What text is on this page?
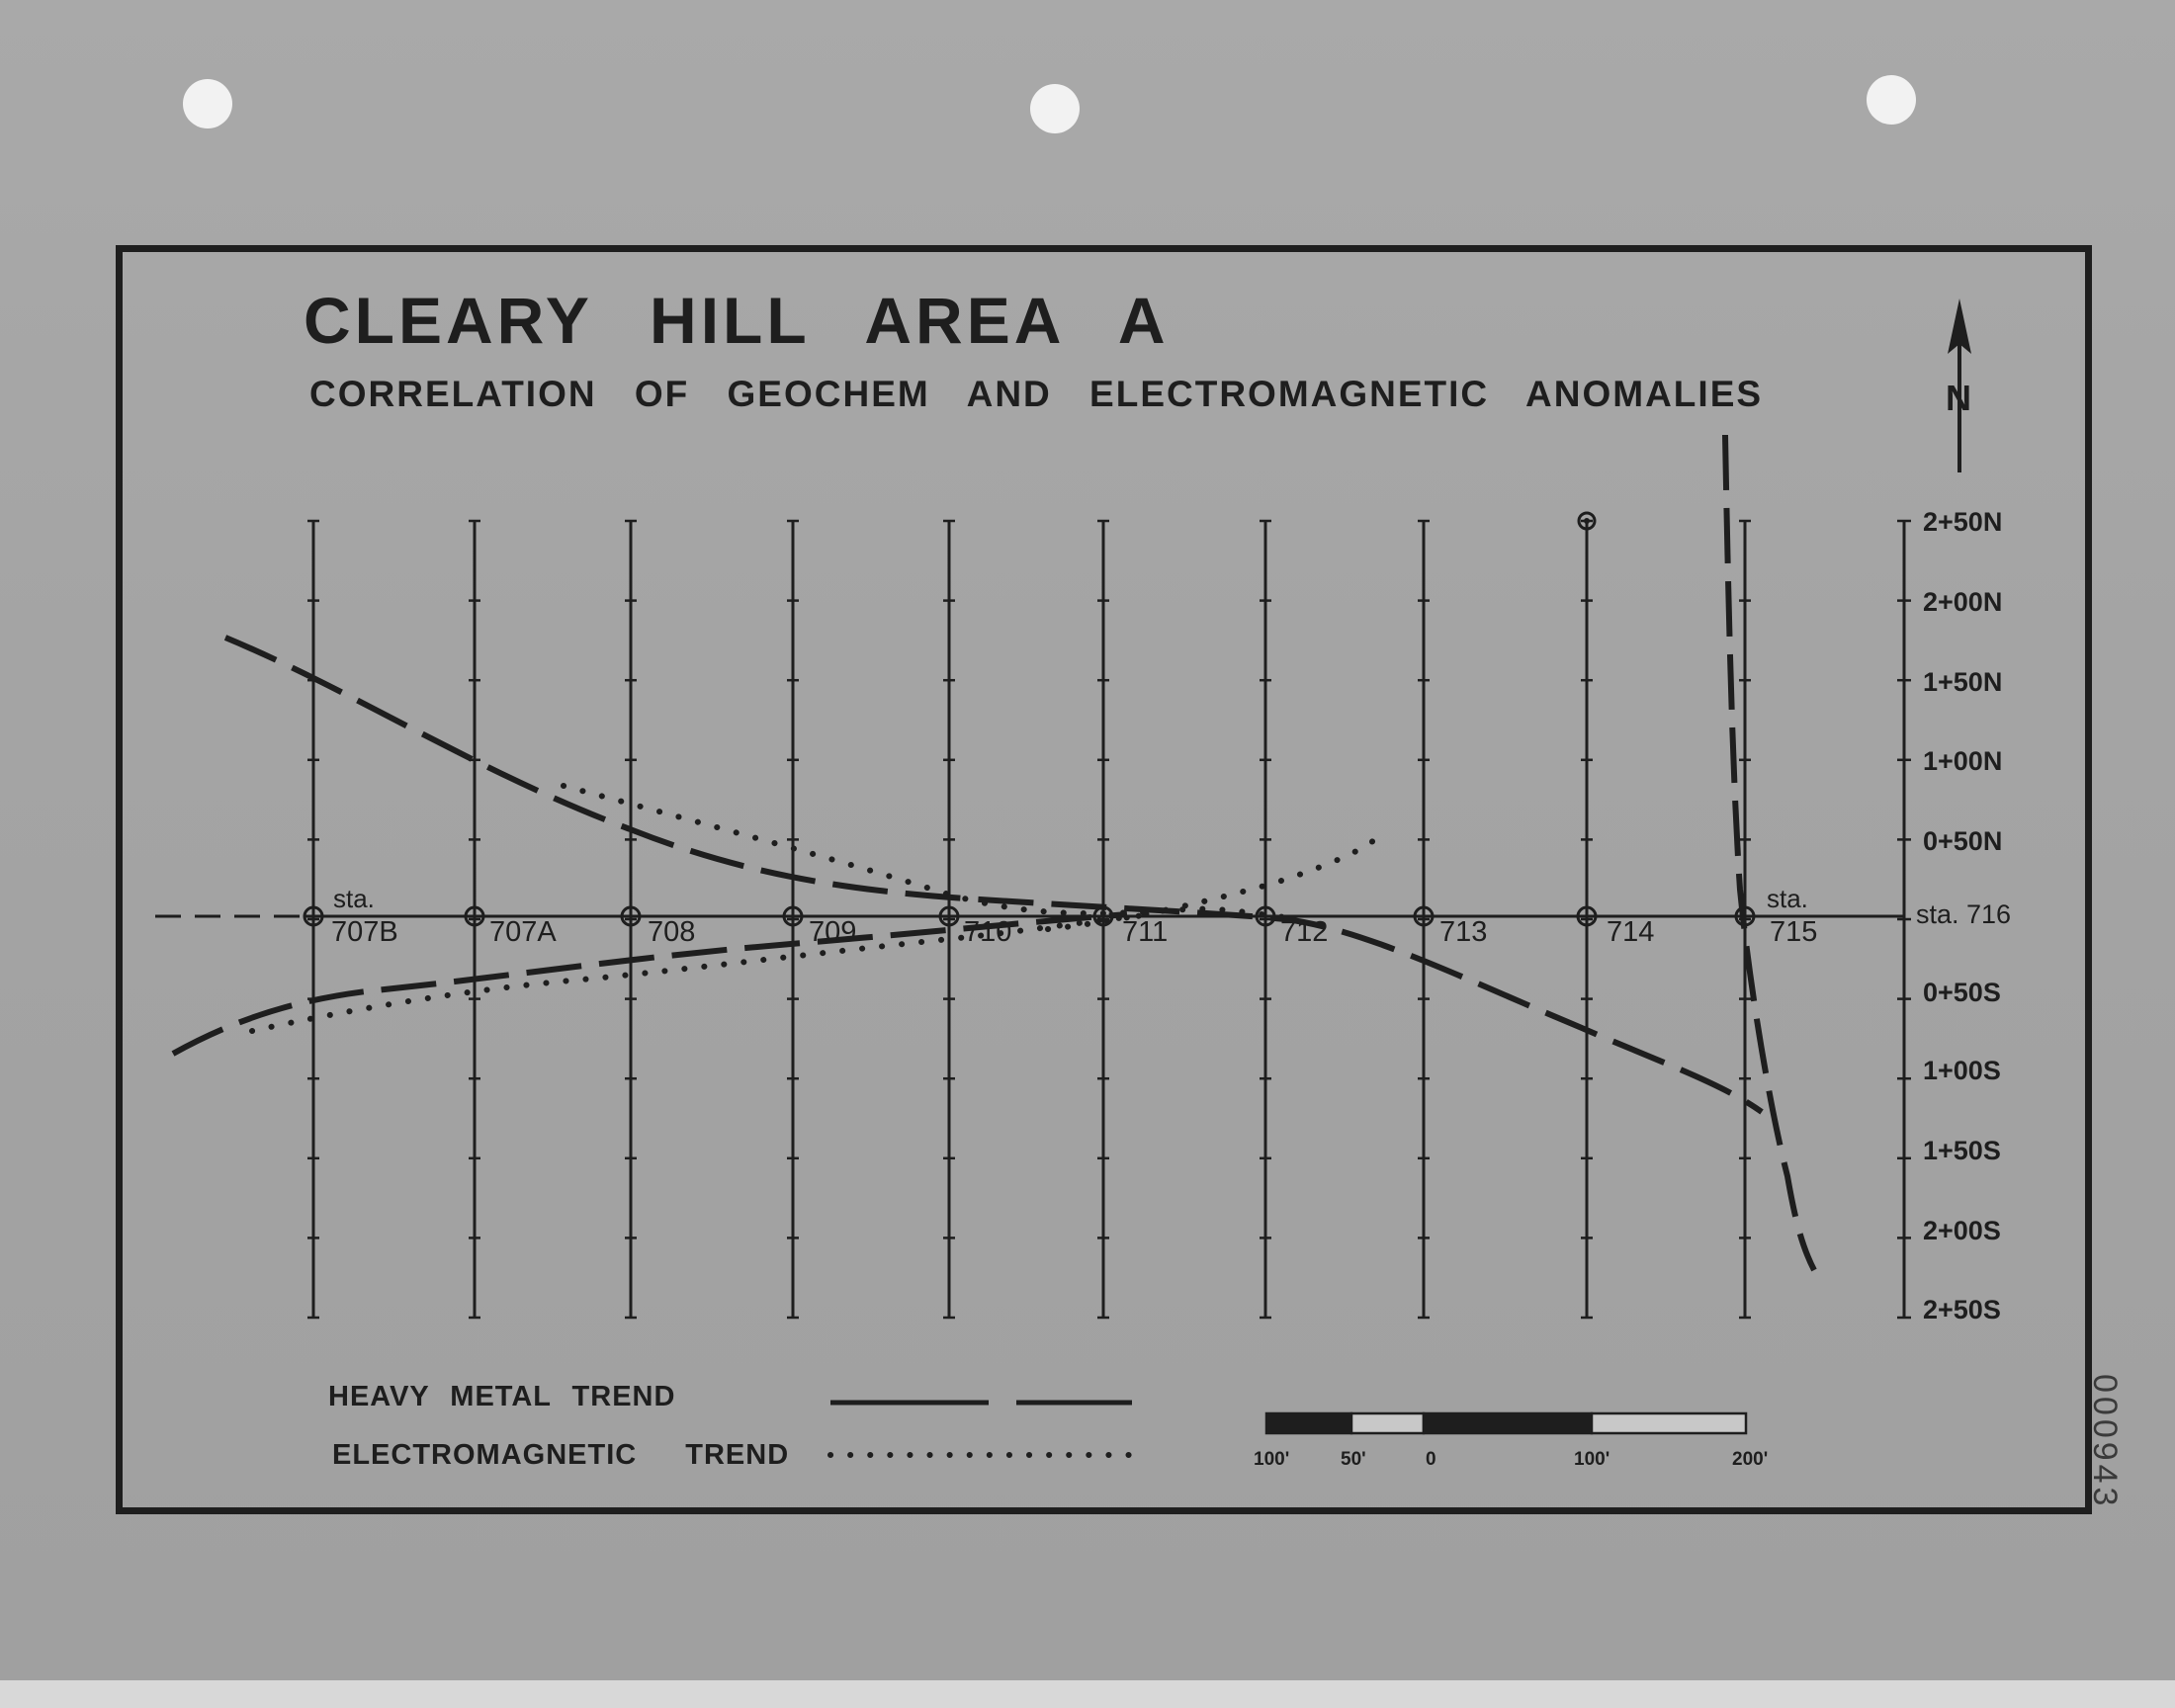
CLEARY HILL AREA A
CORRELATION OF GEOCHEM AND ELECTROMAGNETIC ANOMALIES
HEAVY METAL TREND
ELECTROMAGNETIC TREND	000943
707B	707A	708	709	710	711	712	713	714	715
sta.	sta.
sta. 716
2+50N
2+00N
1+50N
1+00N
0+50N
0+50S
1+00S
1+50S
2+00S
2+50S
N
100'	50'	0	100'	200'
